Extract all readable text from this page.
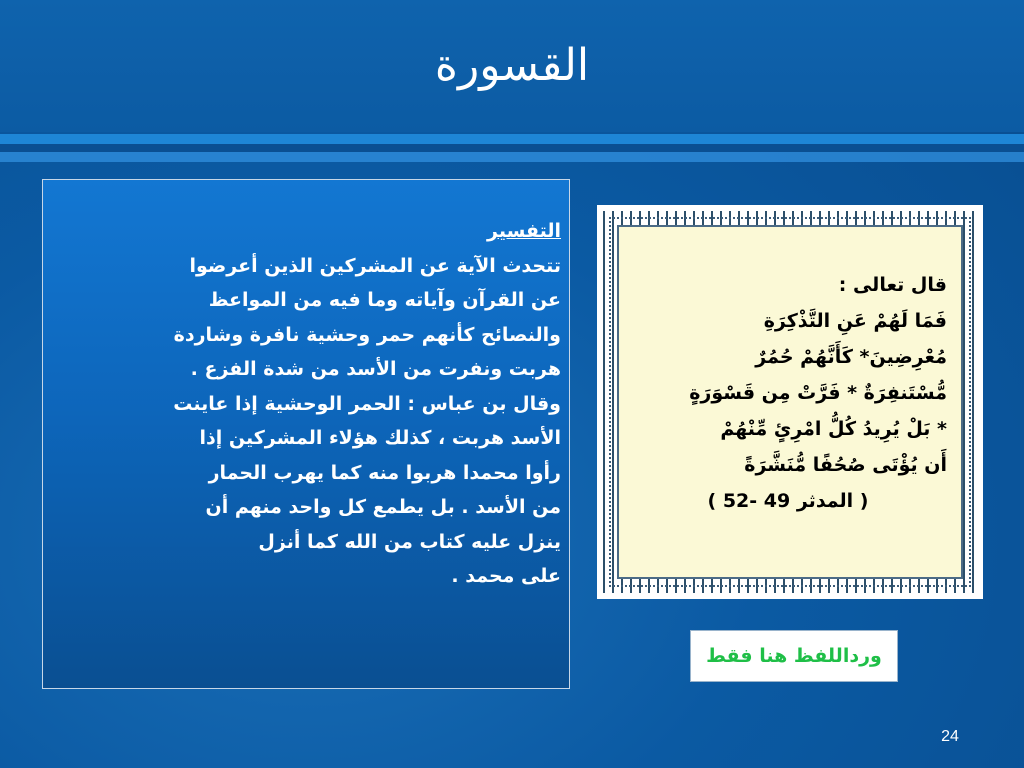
القسورة
التفسير
تتحدث الآية عن المشركين الذين أعرضوا
عن القرآن وآياته وما فيه من المواعظ
والنصائح كأنهم حمر وحشية نافرة وشاردة
هربت ونفرت من الأسد من شدة الفزع .
وقال بن عباس : الحمر الوحشية إذا عاينت
الأسد هربت ، كذلك هؤلاء المشركين إذا
رأوا محمدا هربوا منه كما يهرب الحمار
من الأسد . بل يطمع كل واحد منهم أن
ينزل عليه كتاب من الله كما أنزل
على محمد .
قال تعالى :
فَمَا لَهُمْ عَنِ التَّذْكِرَةِ
مُعْرِضِينَ* كَأَنَّهُمْ حُمُرٌ
مُّسْتَنفِرَةٌ * فَرَّتْ مِن قَسْوَرَةٍ
* بَلْ يُرِيدُ كُلُّ امْرِئٍ مِّنْهُمْ
أَن يُؤْتَى صُحُفًا مُّنَشَّرَةً
( المدثر 49 -52 )
ورداللفظ هنا فقط
24
